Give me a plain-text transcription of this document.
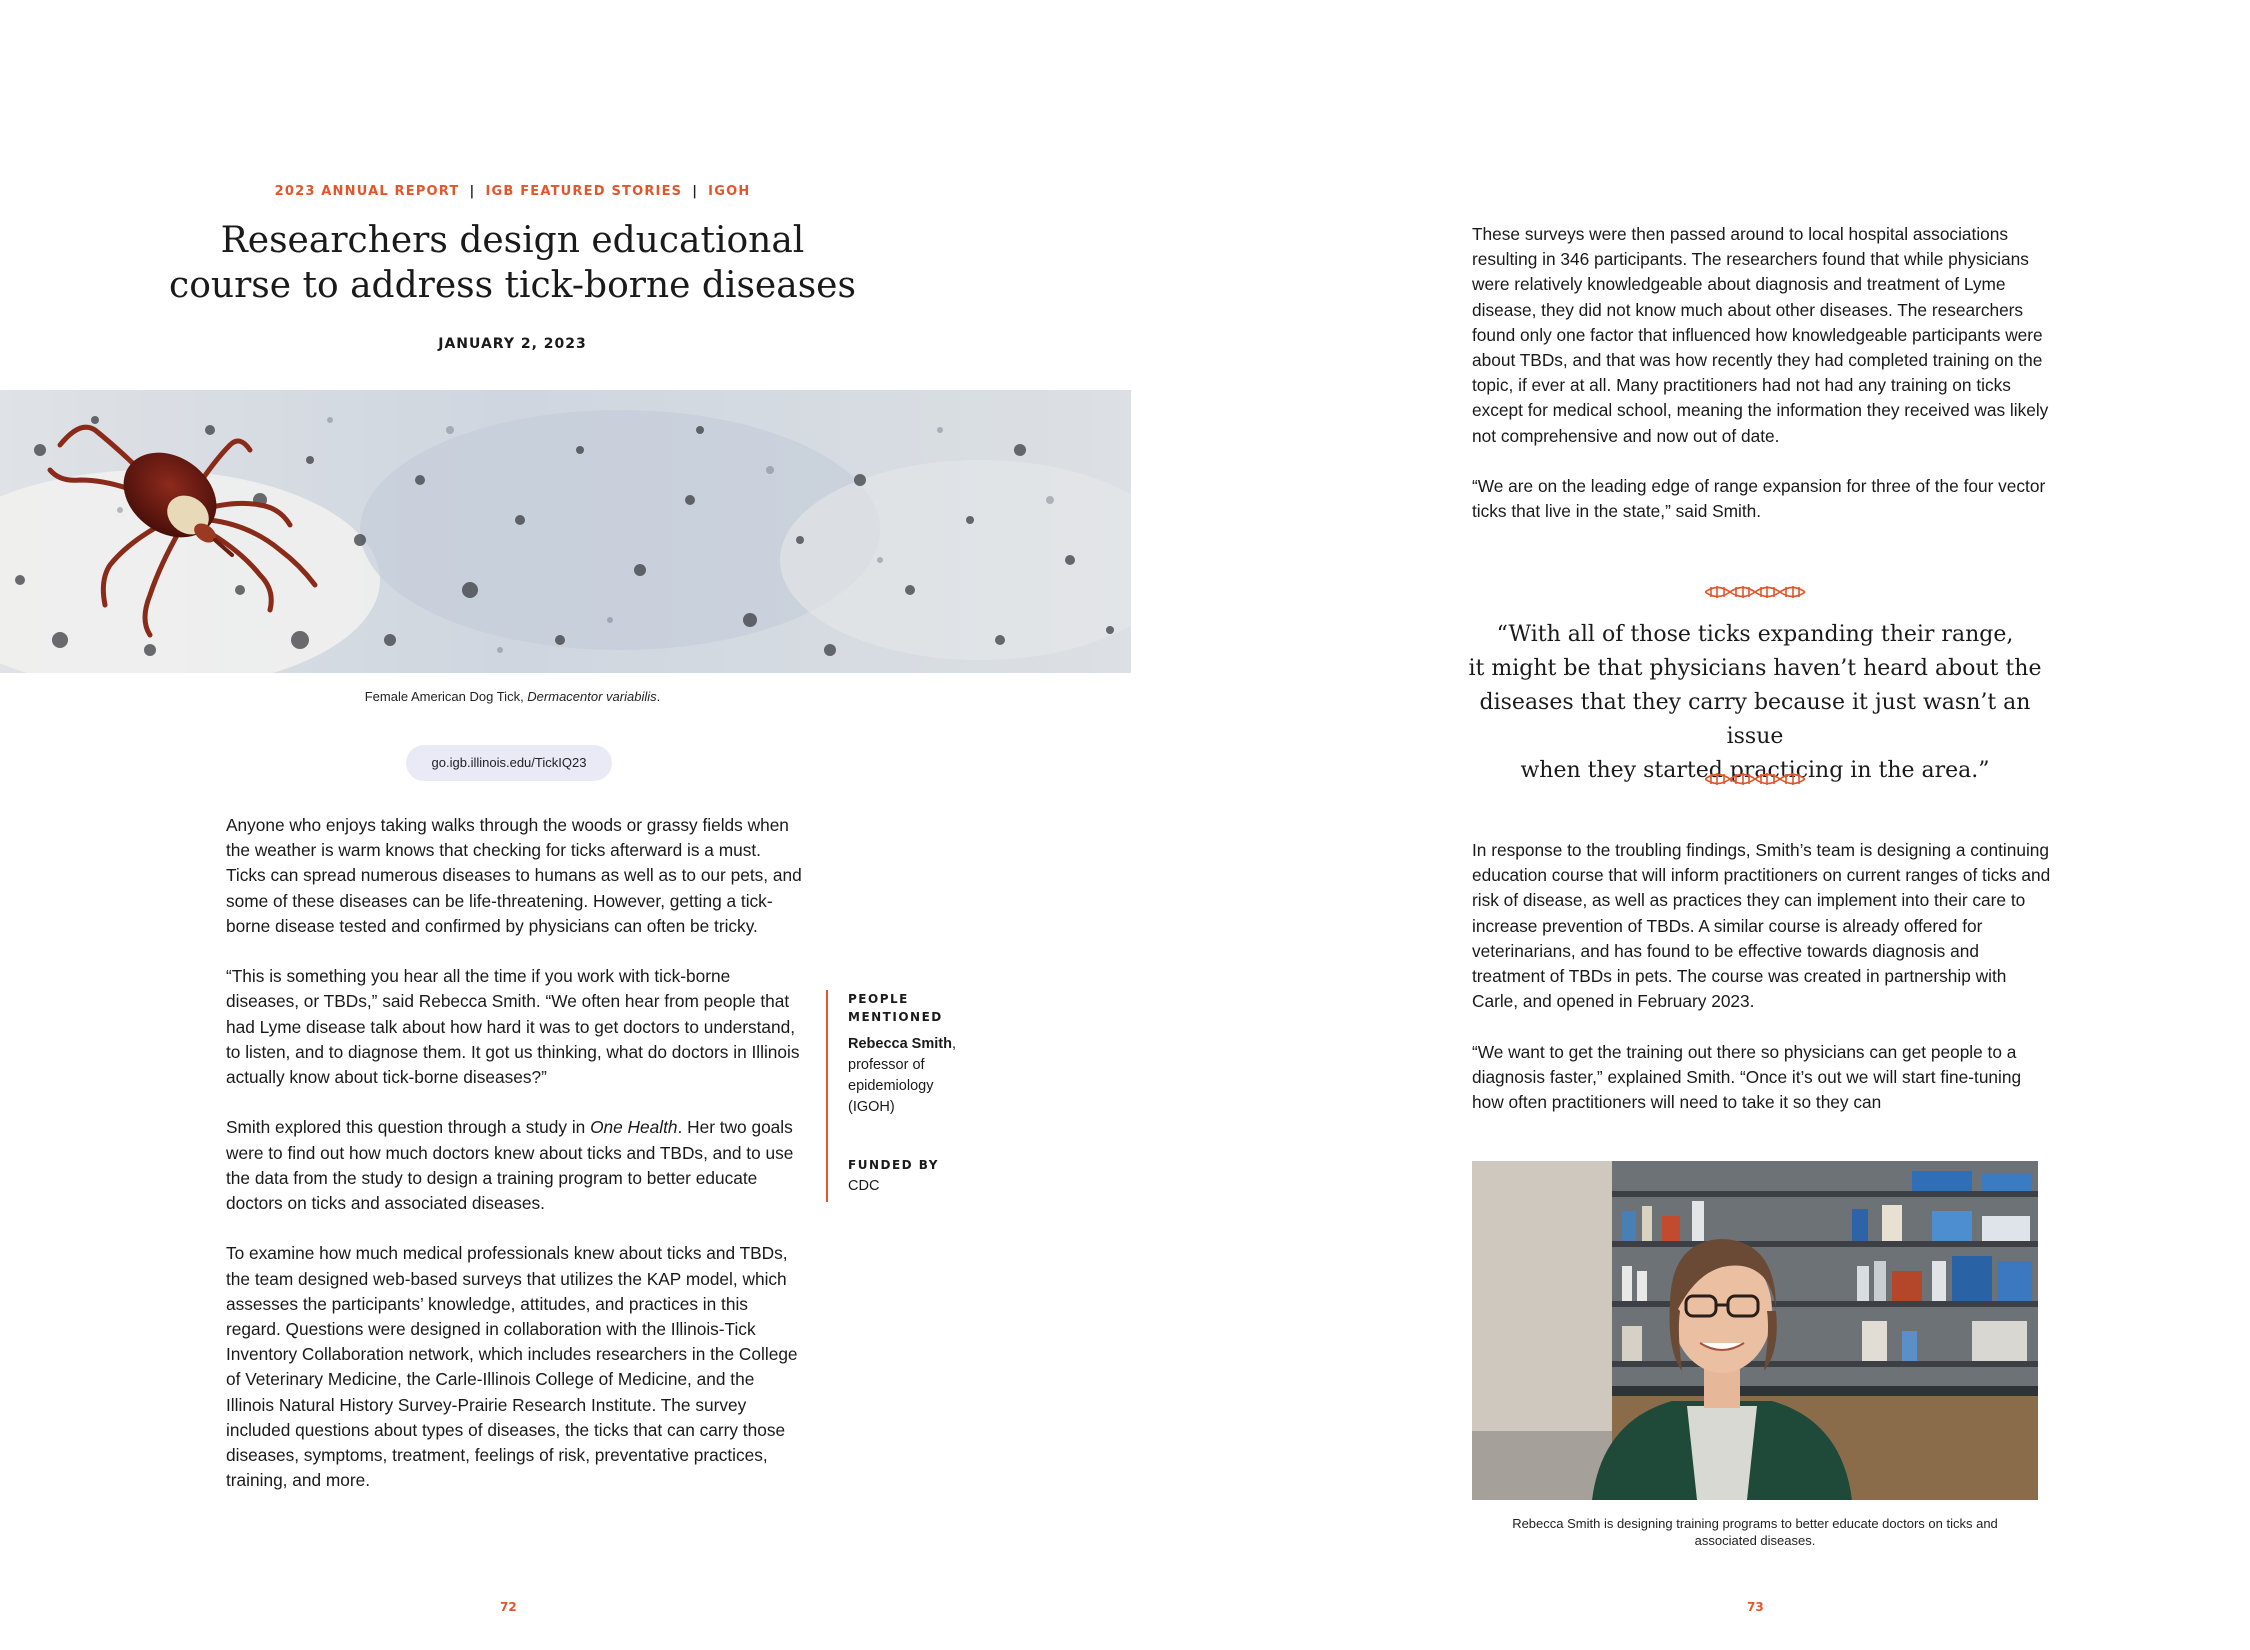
2023 ANNUAL REPORT | IGB FEATURED STORIES | IGOH
Researchers design educational
course to address tick-borne diseases
JANUARY 2, 2023
Female American Dog Tick, Dermacentor variabilis.
go.igb.illinois.edu/TickIQ23

Anyone who enjoys taking walks through the woods or grassy fields when the weather is warm knows that checking for ticks afterward is a must. Ticks can spread numerous diseases to humans as well as to our pets, and some of these diseases can be life-threatening. However, getting a tick-borne disease tested and confirmed by physicians can often be tricky.

“This is something you hear all the time if you work with tick-borne diseases, or TBDs,” said Rebecca Smith. “We often hear from people that had Lyme disease talk about how hard it was to get doctors to understand, to listen, and to diagnose them. It got us thinking, what do doctors in Illinois actually know about tick-borne diseases?”

Smith explored this question through a study in One Health. Her two goals were to find out how much doctors knew about ticks and TBDs, and to use the data from the study to design a training program to better educate doctors on ticks and associated diseases.

To examine how much medical professionals knew about ticks and TBDs, the team designed web-based surveys that utilizes the KAP model, which assesses the participants’ knowledge, attitudes, and practices in this regard. Questions were designed in collaboration with the Illinois-Tick Inventory Collaboration network, which includes researchers in the College of Veterinary Medicine, the Carle-Illinois College of Medicine, and the Illinois Natural History Survey-Prairie Research Institute. The survey included questions about types of diseases, the ticks that can carry those diseases, symptoms, treatment, feelings of risk, preventative practices, training, and more.

PEOPLE
MENTIONED

Rebecca Smith,
professor of
epidemiology
(IGOH)

FUNDED BY

CDC

72

These surveys were then passed around to local hospital associations resulting in 346 participants. The researchers found that while physicians were relatively knowledgeable about diagnosis and treatment of Lyme disease, they did not know much about other diseases. The researchers found only one factor that influenced how knowledgeable participants were about TBDs, and that was how recently they had completed training on the topic, if ever at all. Many practitioners had not had any training on ticks except for medical school, meaning the information they received was likely not comprehensive and now out of date.

“We are on the leading edge of range expansion for three of the four vector ticks that live in the state,” said Smith.

“With all of those ticks expanding their range,
it might be that physicians haven’t heard about the
diseases that they carry because it just wasn’t an issue
when they started practicing in the area.”

In response to the troubling findings, Smith’s team is designing a continuing education course that will inform practitioners on current ranges of ticks and risk of disease, as well as practices they can implement into their care to increase prevention of TBDs. A similar course is already offered for veterinarians, and has found to be effective towards diagnosis and treatment of TBDs in pets. The course was created in partnership with Carle, and opened in February 2023.

“We want to get the training out there so physicians can get people to a diagnosis faster,” explained Smith. “Once it’s out we will start fine-tuning how often practitioners will need to take it so they can

Rebecca Smith is designing training programs to better educate doctors on ticks and
associated diseases.
73
